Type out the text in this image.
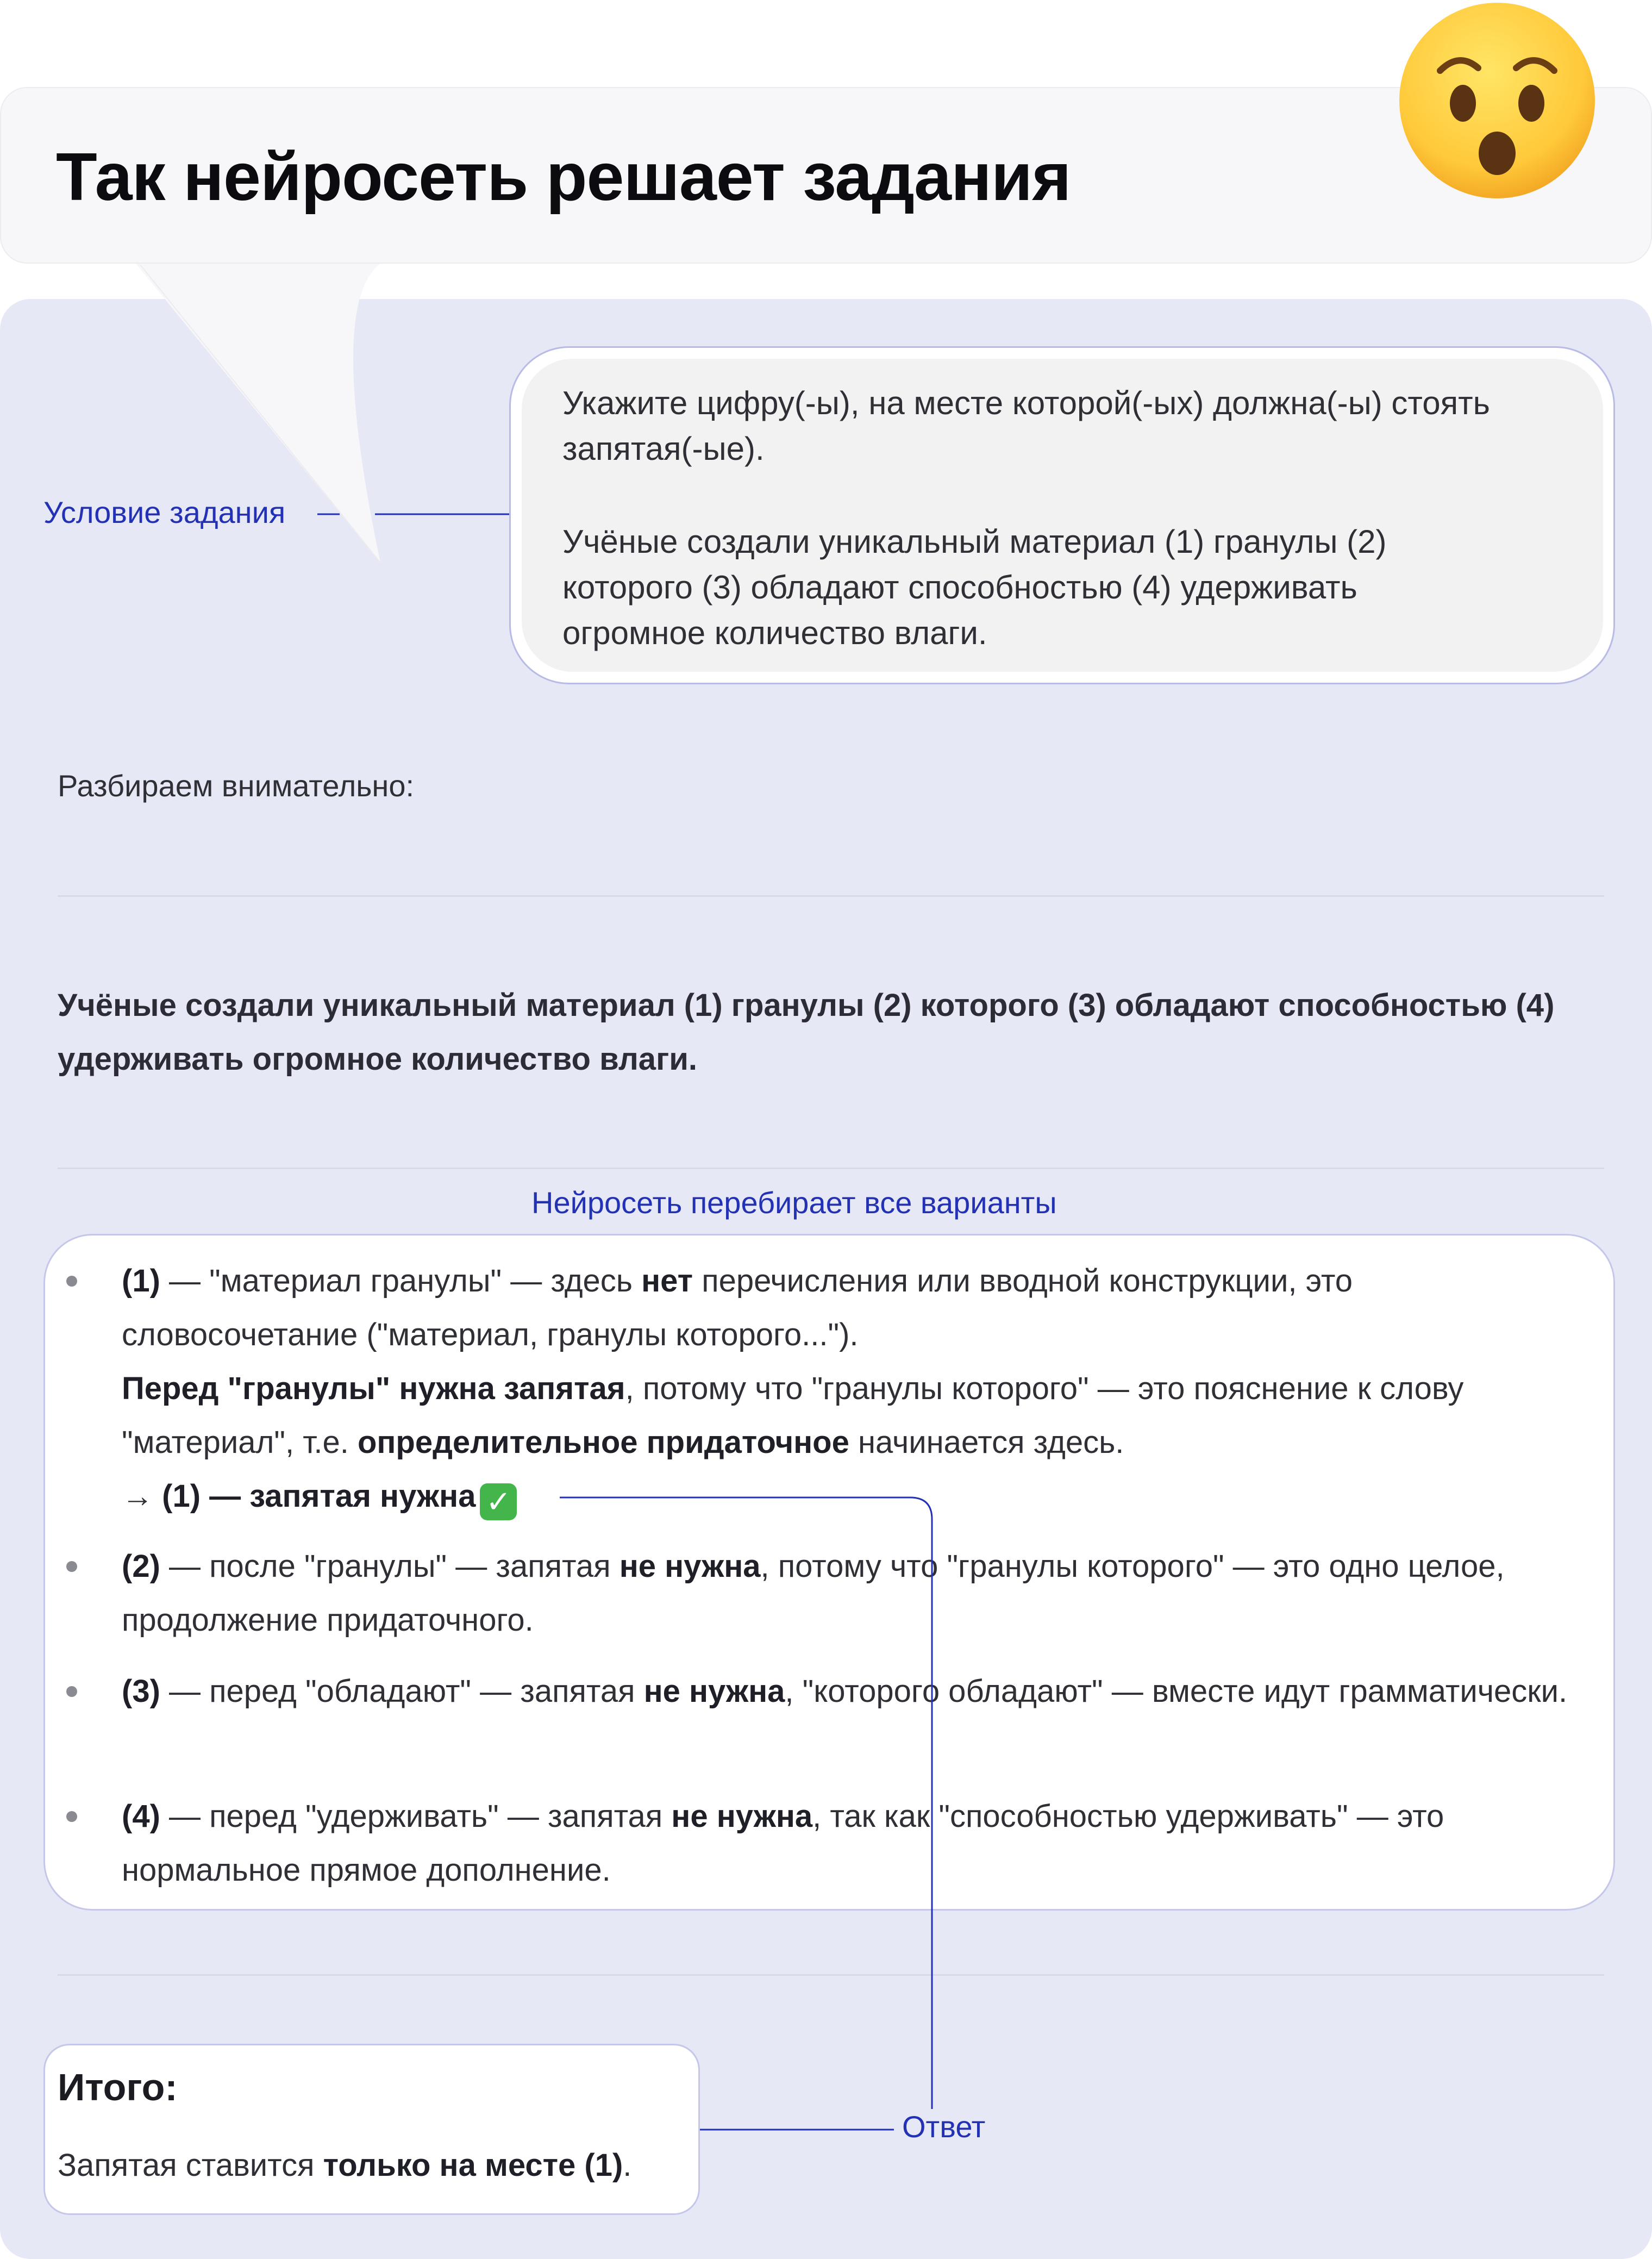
Так нейросеть решает задания
Укажите цифру(-ы), на месте которой(-ых) должна(-ы) стоять запятая(-ые).
Учёные создали уникальный материал (1) гранулы (2) которого (3) обладают способностью (4) удерживать огромное количество влаги.
Условие задания
Нейросеть перебирает все варианты
Ответ
Разбираем внимательно:
Учёные создали уникальный материал (1) гранулы (2) которого (3) обладают способностью (4) удерживать огромное количество влаги.
(1) — "материал гранулы" — здесь нет перечисления или вводной конструкции, это словосочетание ("материал, гранулы которого...").
Перед "гранулы" нужна запятая, потому что "гранулы которого" — это пояснение к слову "материал", т.е. определительное придаточное начинается здесь.
→ (1) — запятая нужна ✓
(2) — после "гранулы" — запятая не нужна, потому что "гранулы которого" — это одно целое, продолжение придаточного.
(3) — перед "обладают" — запятая не нужна, "которого обладают" — вместе идут грамматически.
(4) — перед "удерживать" — запятая не нужна, так как "способностью удерживать" — это нормальное прямое дополнение.
Итого:
Запятая ставится только на месте (1).
